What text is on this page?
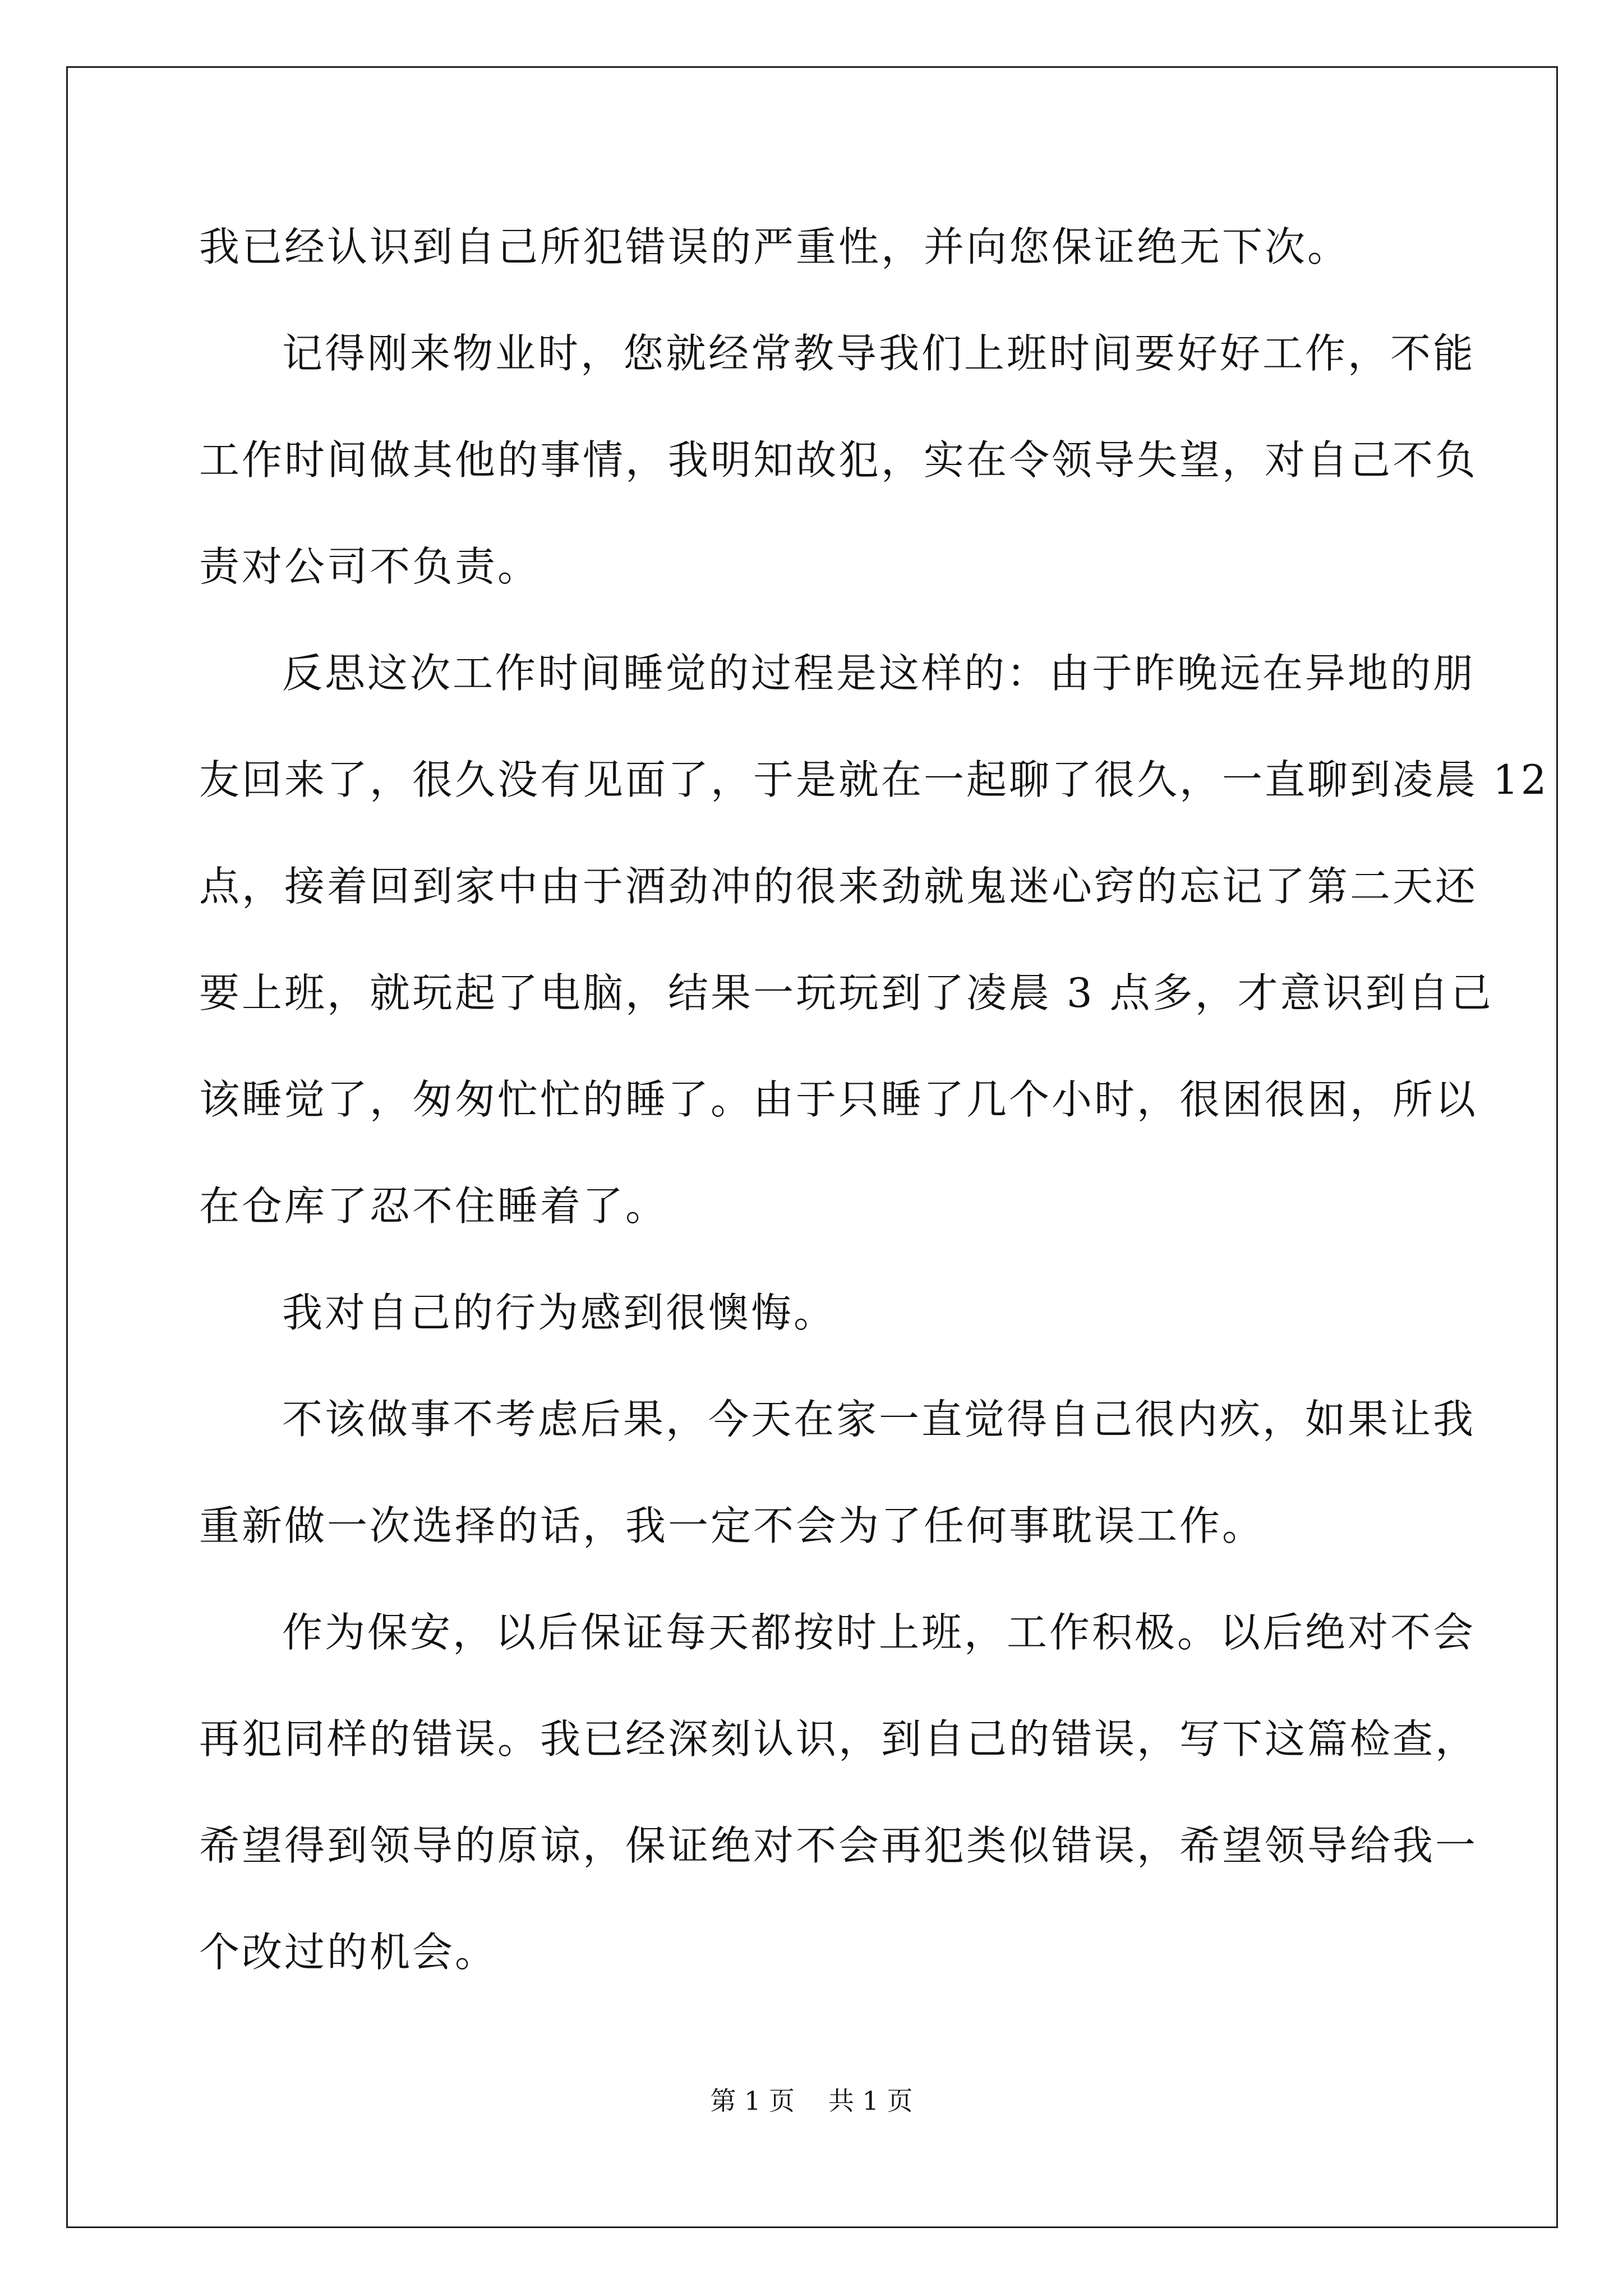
我已经认识到自己所犯错误的严重性，并向您保证绝无下次。
记得刚来物业时，您就经常教导我们上班时间要好好工作，不能
工作时间做其他的事情，我明知故犯，实在令领导失望，对自己不负
责对公司不负责。
反思这次工作时间睡觉的过程是这样的：由于昨晚远在异地的朋
友回来了，很久没有见面了，于是就在一起聊了很久，一直聊到凌晨 12
点，接着回到家中由于酒劲冲的很来劲就鬼迷心窍的忘记了第二天还
要上班，就玩起了电脑，结果一玩玩到了凌晨 3 点多，才意识到自己
该睡觉了，匆匆忙忙的睡了。由于只睡了几个小时，很困很困，所以
在仓库了忍不住睡着了。
我对自己的行为感到很懊悔。
不该做事不考虑后果，今天在家一直觉得自己很内疚，如果让我
重新做一次选择的话，我一定不会为了任何事耽误工作。
作为保安，以后保证每天都按时上班，工作积极。以后绝对不会
再犯同样的错误。我已经深刻认识，到自己的错误，写下这篇检查，
希望得到领导的原谅，保证绝对不会再犯类似错误，希望领导给我一
个改过的机会。
第 1 页 共 1 页
